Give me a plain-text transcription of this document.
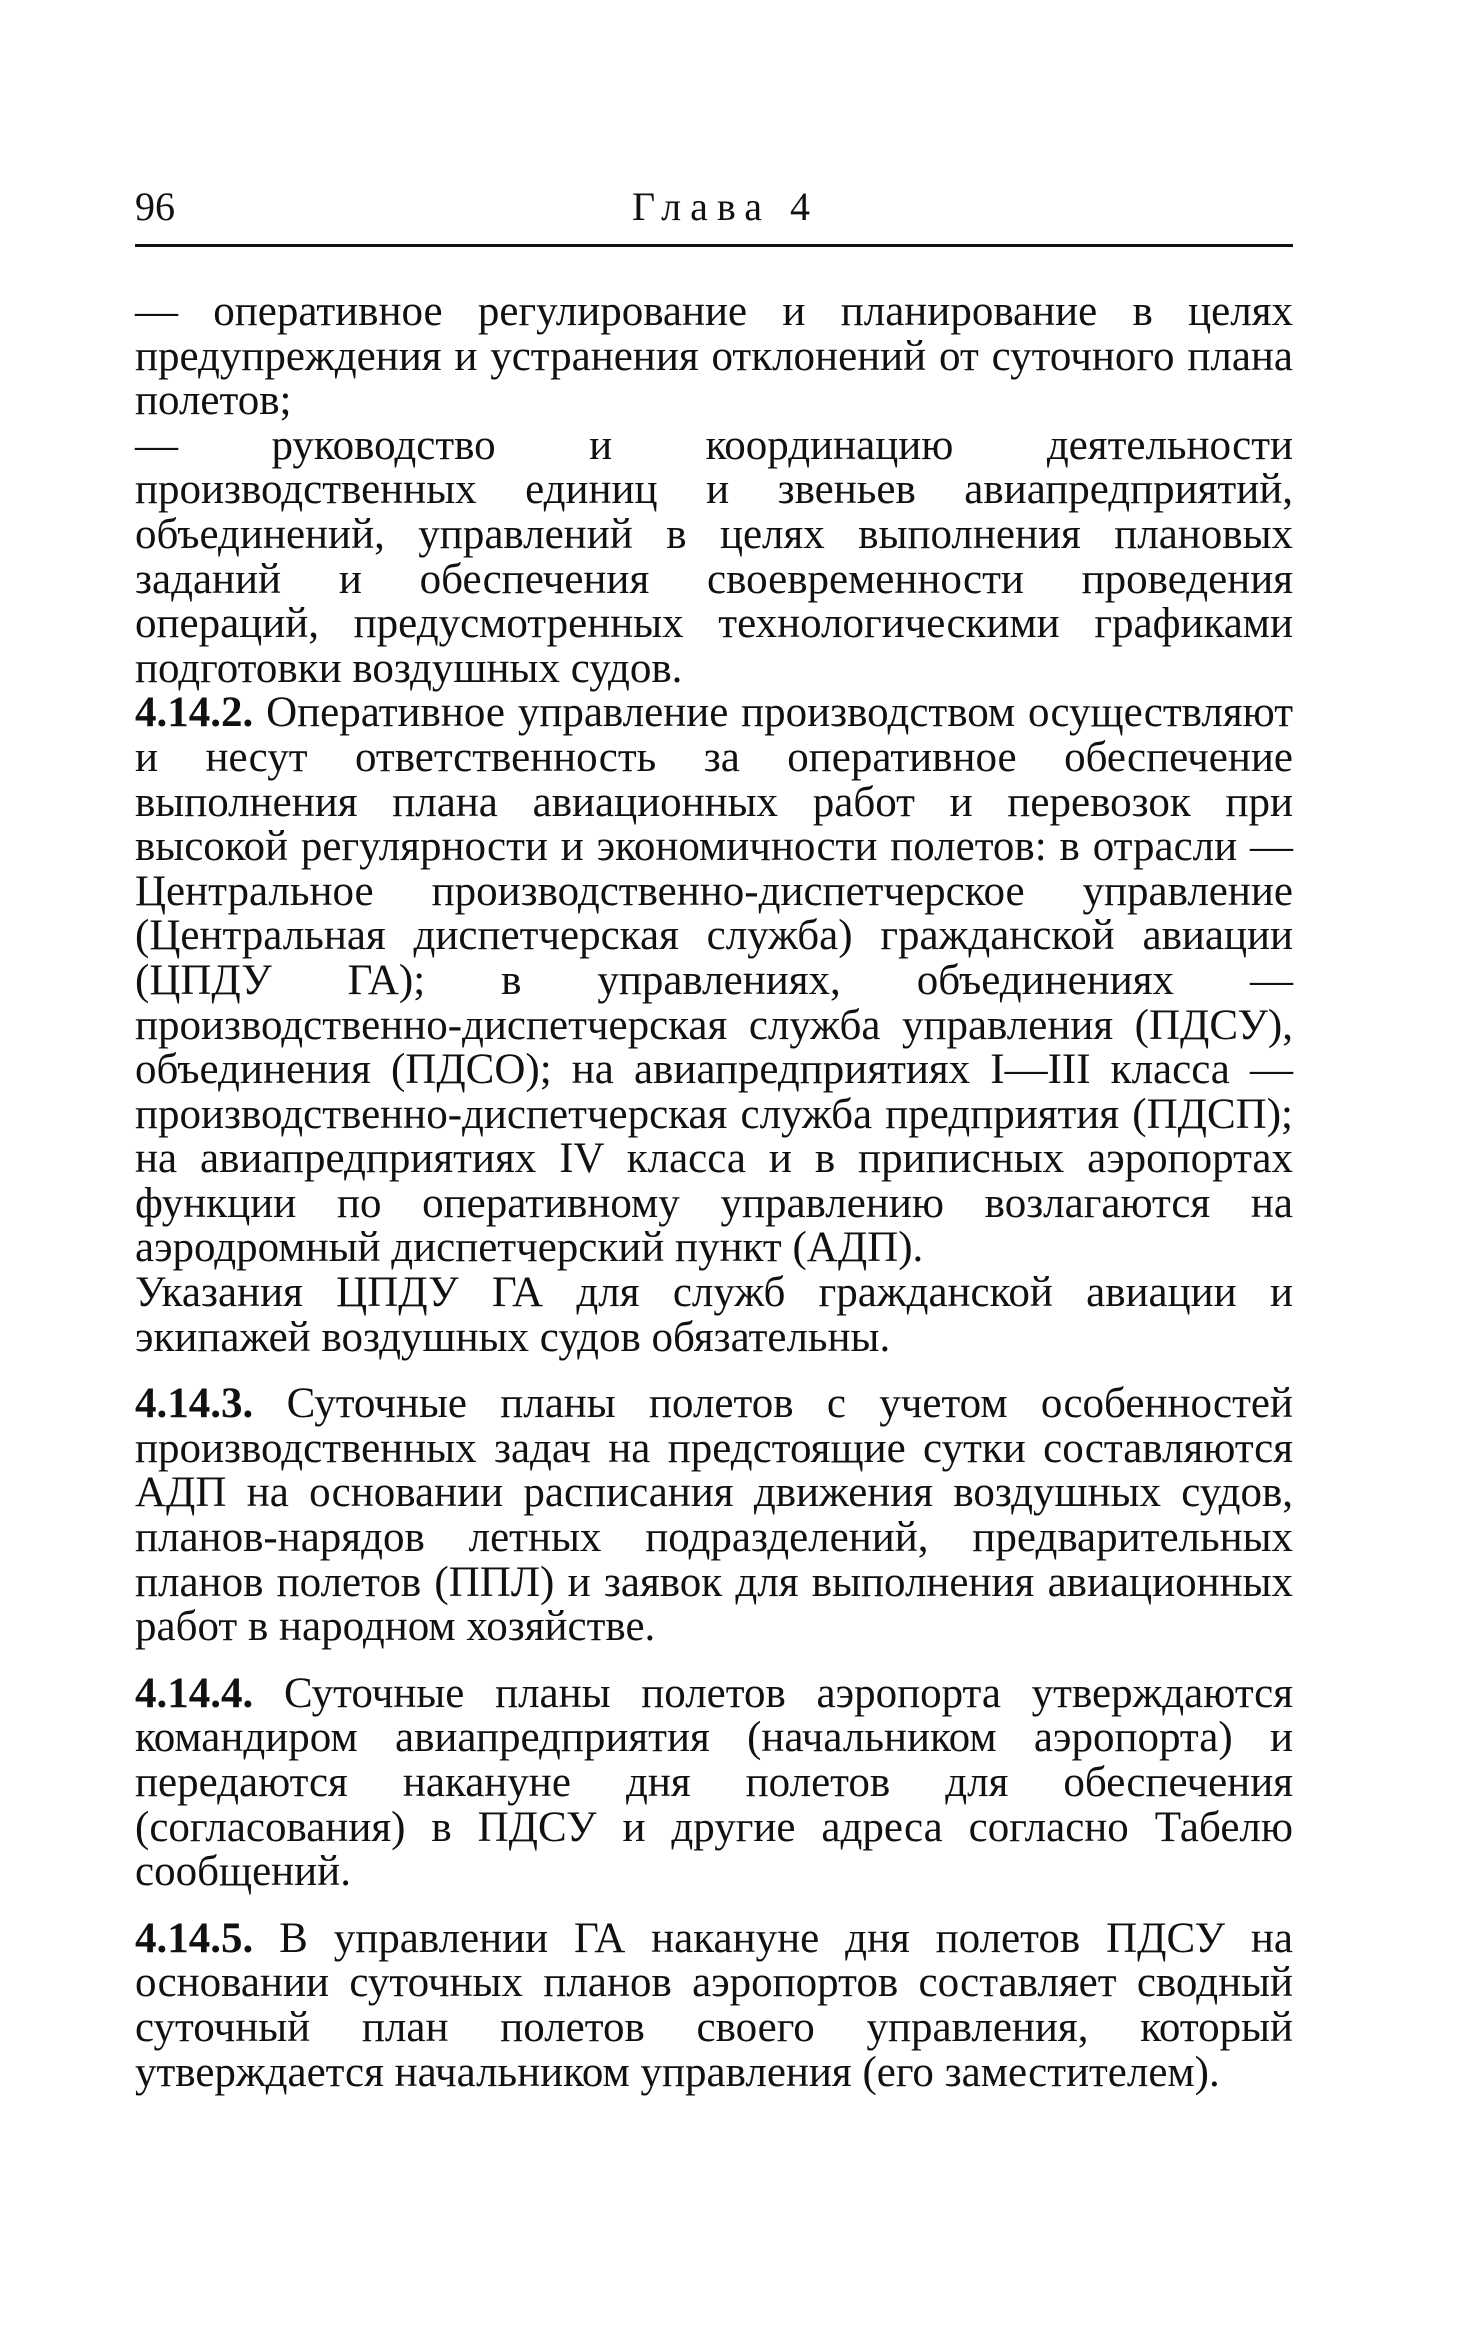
96	Глава 4

— оперативное регулирование и планирование в целях предупреждения и устранения отклонений от суточного плана полетов;

— руководство и координацию деятельности производственных единиц и звеньев авиапредприятий, объединений, управлений в целях выполнения плановых заданий и обеспечения своевременности проведения операций, предусмотренных технологическими графиками подготовки воздушных судов.

4.14.2. Оперативное управление производством осуществляют и несут ответственность за оперативное обеспечение выполнения плана авиационных работ и перевозок при высокой регулярности и экономичности полетов: в отрасли — Центральное производственно-диспетчерское управление (Центральная диспетчерская служба) гражданской авиации (ЦПДУ ГА); в управлениях, объединениях — производственно-диспетчерская служба управления (ПДСУ), объединения (ПДСО); на авиапредприятиях I—III класса — производственно-диспетчерская служба предприятия (ПДСП); на авиапредприятиях IV класса и в приписных аэропортах функции по оперативному управлению возлагаются на аэродромный диспетчерский пункт (АДП).

Указания ЦПДУ ГА для служб гражданской авиации и экипажей воздушных судов обязательны.

4.14.3. Суточные планы полетов с учетом особенностей производственных задач на предстоящие сутки составляются АДП на основании расписания движения воздушных судов, планов-нарядов летных подразделений, предварительных планов полетов (ППЛ) и заявок для выполнения авиационных работ в народном хозяйстве.

4.14.4. Суточные планы полетов аэропорта утверждаются командиром авиапредприятия (начальником аэропорта) и передаются накануне дня полетов для обеспечения (согласования) в ПДСУ и другие адреса согласно Табелю сообщений.

4.14.5. В управлении ГА накануне дня полетов ПДСУ на основании суточных планов аэропортов составляет сводный суточный план полетов своего управления, который утверждается начальником управления (его заместителем).
